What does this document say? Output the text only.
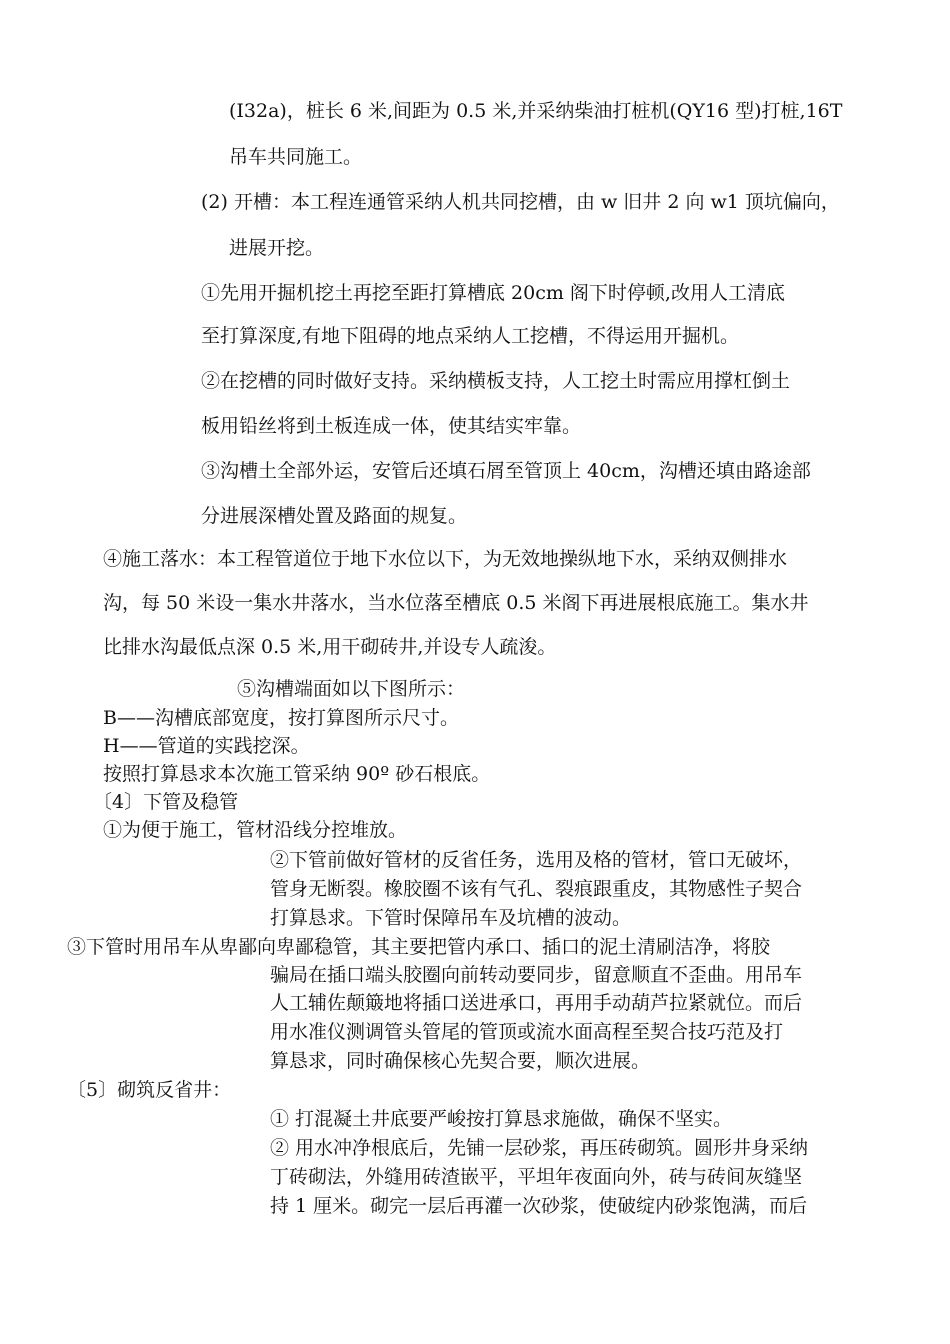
(I32a)，桩长 6 米,间距为 0.5 米,并采纳柴油打桩机(QY16 型)打桩,16T
吊车共同施工。
(2) 开槽：本工程连通管采纳人机共同挖槽，由 w 旧井 2 向 w1 顶坑偏向，
进展开挖。
①先用开掘机挖土再挖至距打算槽底 20cm 阁下时停顿,改用人工清底
至打算深度,有地下阻碍的地点采纳人工挖槽，不得运用开掘机。
②在挖槽的同时做好支持。采纳横板支持，人工挖土时需应用撑杠倒土
板用铅丝将到土板连成一体，使其结实牢靠。
③沟槽土全部外运，安管后还填石屑至管顶上 40cm，沟槽还填由路途部
分进展深槽处置及路面的规复。
④施工落水：本工程管道位于地下水位以下，为无效地操纵地下水，采纳双侧排水
沟，每 50 米设一集水井落水，当水位落至槽底 0.5 米阁下再进展根底施工。集水井
比排水沟最低点深 0.5 米,用干砌砖井,并设专人疏浚。
⑤沟槽端面如以下图所示：
B——沟槽底部宽度，按打算图所示尺寸。
H——管道的实践挖深。
按照打算恳求本次施工管采纳 90º 砂石根底。
〔4〕下管及稳管
①为便于施工，管材沿线分控堆放。
②下管前做好管材的反省任务，选用及格的管材，管口无破坏，
管身无断裂。橡胶圈不该有气孔、裂痕跟重皮，其物感性子契合
打算恳求。下管时保障吊车及坑槽的波动。
③下管时用吊车从卑鄙向卑鄙稳管，其主要把管内承口、插口的泥土清刷洁净，将胶
骗局在插口端头胶圈向前转动要同步，留意顺直不歪曲。用吊车
人工辅佐颠簸地将插口送进承口，再用手动葫芦拉紧就位。而后
用水准仪测调管头管尾的管顶或流水面高程至契合技巧范及打
算恳求，同时确保核心先契合要，顺次进展。
〔5〕砌筑反省井：
① 打混凝土井底要严峻按打算恳求施做，确保不坚实。
② 用水冲净根底后，先铺一层砂浆，再压砖砌筑。圆形井身采纳
丁砖砌法，外缝用砖渣嵌平，平坦年夜面向外，砖与砖间灰缝坚
持 1 厘米。砌完一层后再灌一次砂浆，使破绽内砂浆饱满，而后
